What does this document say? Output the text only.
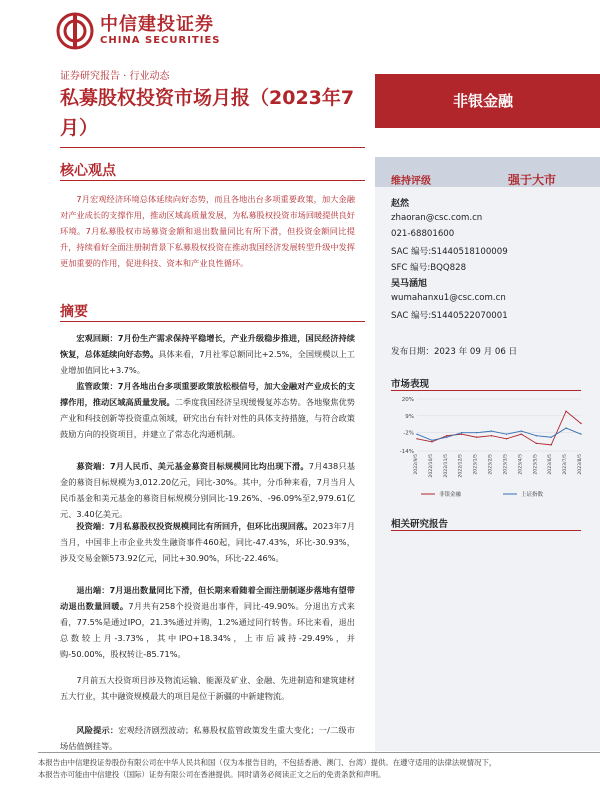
中信建投证券
CHINA SECURITIES
证券研究报告 · 行业动态
私募股权投资市场月报（2023年7月）
非银金融
核心观点
7月宏观经济环境总体延续向好态势，而且各地出台多项重要政策，加大金融对产业成长的支撑作用，推动区域高质量发展，为私募股权投资市场回暖提供良好环境。7月私募股权市场募资金额和退出数量同比有所下滑，但投资金额同比提升，持续看好全面注册制背景下私募股权投资在推动我国经济发展转型升级中发挥更加重要的作用，促进科技、资本和产业良性循环。
摘要
宏观回顾：7月份生产需求保持平稳增长，产业升级稳步推进，国民经济持续恢复，总体延续向好态势。具体来看，7月社零总额同比+2.5%，全国规模以上工业增加值同比+3.7%。
监管政策：7月各地出台多项重要政策放松根信号，加大金融对产业成长的支撑作用，推动区域高质量发展。二季度我国经济呈现缓慢复苏态势。各地聚焦优势产业和科技创新等投资重点领域，研究出台有针对性的具体支持措施，与符合政策鼓励方向的投资项目，并建立了常态化沟通机制。
募资端：7月人民币、美元基金募资目标规模同比均出现下滑。7月438只基金的募资目标规模为3,012.20亿元，同比-30%。其中，分币种来看，7月当月人民币基金和美元基金的募资目标规模分别同比-19.26%、-96.09%至2,979.61亿元、3.40亿美元。
投资端：7月私募股权投资规模同比有所回升，但环比出现回落。2023年7月当月，中国非上市企业共发生融资事件460起，同比-47.43%，环比-30.93%，涉及交易金额573.92亿元，同比+30.90%，环比-22.46%。
退出端：7月退出数量同比下滑，但长期来看随着全面注册制逐步落地有望带动退出数量回暖。7月共有258个投资退出事件，同比-49.90%。分退出方式来看，77.5%是通过IPO，21.3%通过并购，1.2%通过同行转售。环比来看，退出总数较上月-3.73%，其中IPO+18.34%，上市后减持-29.49%，并购-50.00%，股权转让-85.71%。
7月前五大投资项目涉及物流运输、能源及矿业、金融、先进制造和建筑建材五大行业，其中融资规模最大的项目是位于新疆的中新建物流。
风险提示：宏观经济剧烈波动；私募股权监管政策发生重大变化；一/二级市场估值倒挂等。
维持评级	强于大市
赵然
zhaoran@csc.com.cn
021-68801600
SAC 编号:S1440518100009
SFC 编号:BQQ828
吴马涵旭
wumahanxu1@csc.com.cn
SAC 编号:S1440522070001
发布日期：2023 年 09 月 06 日
市场表现
20%
9%
-2%
-14%
2022/9/5 2022/10/5 2022/11/5 2022/12/5 2023/1/5 2023/2/5 2023/3/5 2023/4/5 2023/5/5 2023/6/5 2023/7/5 2023/8/5
非银金融	上证指数
相关研究报告
本报告由中信建投证券股份有限公司在中华人民共和国（仅为本报告目的，不包括香港、澳门、台湾）提供。在遵守适用的法律法规情况下，
本报告亦可能由中信建投（国际）证券有限公司在香港提供。同时请务必阅读正文之后的免责条款和声明。
